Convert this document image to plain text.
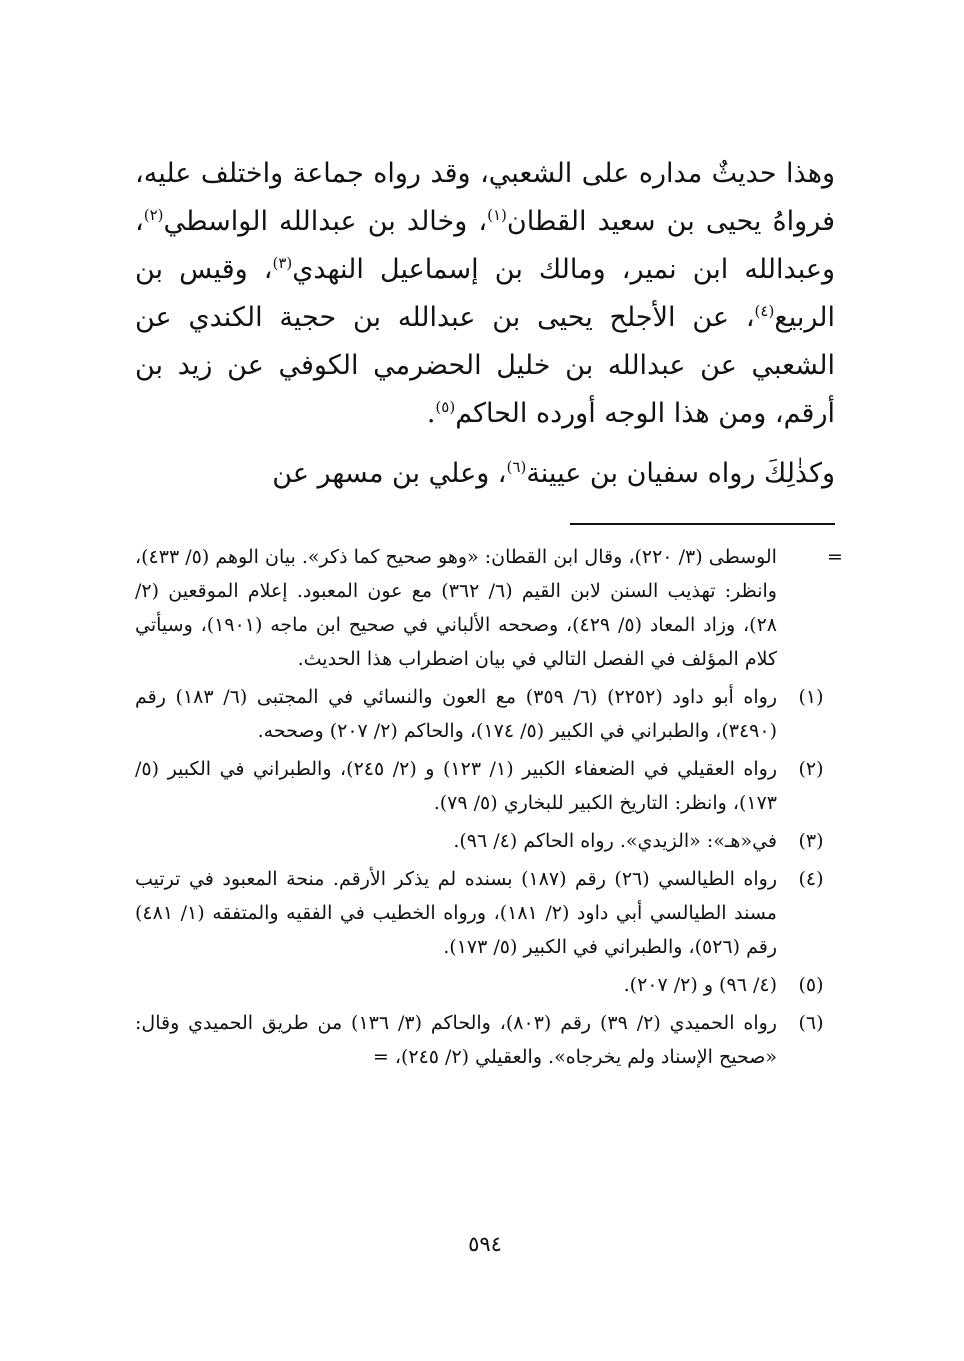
وهذا حديثٌ مداره على الشعبي، وقد رواه جماعة واختلف عليه، فرواهُ يحيى بن سعيد القطان$^{(١)}$، وخالد بن عبدالله الواسطي$^{(٢)}$، وعبدالله ابن نمير، ومالك بن إسماعيل النهدي$^{(٣)}$، وقيس بن الربيع$^{(٤)}$، عن الأجلح يحيى بن عبدالله بن حجية الكندي عن الشعبي عن عبدالله بن خليل الحضرمي الكوفي عن زيد بن أرقم، ومن هذا الوجه أورده الحاكم$^{(٥)}$.

وكذٰلِكَ رواه سفيان بن عيينة$^{(٦)}$، وعلي بن مسهر عن

=
الوسطى (٣/ ٢٢٠)، وقال ابن القطان: «وهو صحيح كما ذكر». بيان الوهم (٥/ ٤٣٣)، وانظر: تهذيب السنن لابن القيم (٦/ ٣٦٢) مع عون المعبود. إعلام الموقعين (٢/ ٢٨)، وزاد المعاد (٥/ ٤٢٩)، وصححه الألباني في صحيح ابن ماجه (١٩٠١)، وسيأتي كلام المؤلف في الفصل التالي في بيان اضطراب هذا الحديث.
(١)
رواه أبو داود (٢٢٥٢) (٦/ ٣٥٩) مع العون والنسائي في المجتبى (٦/ ١٨٣) رقم (٣٤٩٠)، والطبراني في الكبير (٥/ ١٧٤)، والحاكم (٢/ ٢٠٧) وصححه.
(٢)
رواه العقيلي في الضعفاء الكبير (١/ ١٢٣) و (٢/ ٢٤٥)، والطبراني في الكبير (٥/ ١٧٣)، وانظر: التاريخ الكبير للبخاري (٥/ ٧٩).
(٣)
في«هـ»: «الزيدي». رواه الحاكم (٤/ ٩٦).
(٤)
رواه الطيالسي (٢٦) رقم (١٨٧) بسنده لم يذكر الأرقم. منحة المعبود في ترتيب مسند الطيالسي أبي داود (٢/ ١٨١)، ورواه الخطيب في الفقيه والمتفقه (١/ ٤٨١) رقم (٥٢٦)، والطبراني في الكبير (٥/ ١٧٣).
(٥)
(٤/ ٩٦) و (٢/ ٢٠٧).
(٦)
رواه الحميدي (٢/ ٣٩) رقم (٨٠٣)، والحاكم (٣/ ١٣٦) من طريق الحميدي وقال: «صحيح الإسناد ولم يخرجاه». والعقيلي (٢/ ٢٤٥)، =
٥٩٤
